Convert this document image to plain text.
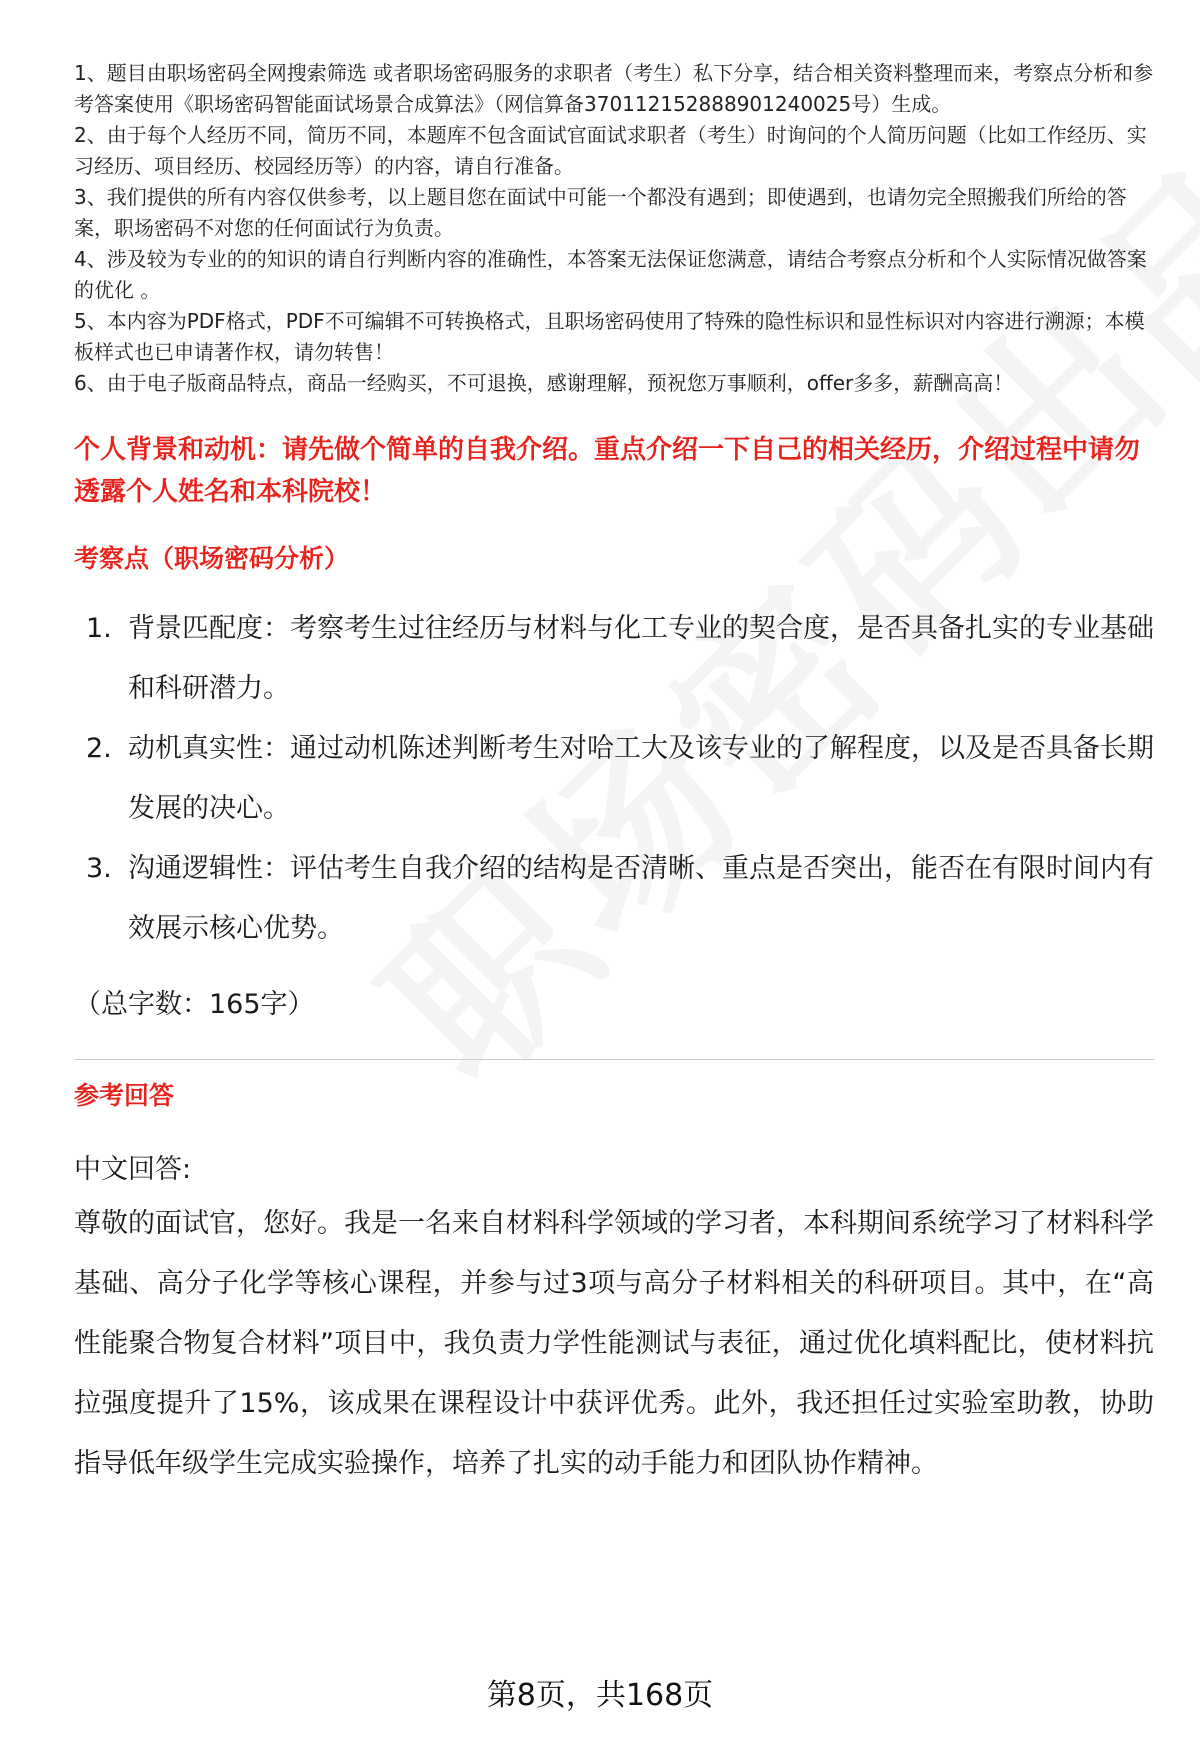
1、题目由职场密码全网搜索筛选 或者职场密码服务的求职者（考生）私下分享，结合相关资料整理而来，考察点分析和参考答案使用《职场密码智能面试场景合成算法》（网信算备370112152888901240025号）生成。
2、由于每个人经历不同，简历不同，本题库不包含面试官面试求职者（考生）时询问的个人简历问题（比如工作经历、实习经历、项目经历、校园经历等）的内容，请自行准备。
3、我们提供的所有内容仅供参考，以上题目您在面试中可能一个都没有遇到；即使遇到，也请勿完全照搬我们所给的答案，职场密码不对您的任何面试行为负责。
4、涉及较为专业的的知识的请自行判断内容的准确性，本答案无法保证您满意，请结合考察点分析和个人实际情况做答案的优化 。
5、本内容为PDF格式，PDF不可编辑不可转换格式，且职场密码使用了特殊的隐性标识和显性标识对内容进行溯源；本模板样式也已申请著作权，请勿转售！
6、由于电子版商品特点，商品一经购买，不可退换，感谢理解，预祝您万事顺利，offer多多，薪酬高高！
个人背景和动机：请先做个简单的自我介绍。重点介绍一下自己的相关经历，介绍过程中请勿透露个人姓名和本科院校！
考察点（职场密码分析）
1. 背景匹配度：考察考生过往经历与材料与化工专业的契合度，是否具备扎实的专业基础和科研潜力。
2. 动机真实性：通过动机陈述判断考生对哈工大及该专业的了解程度，以及是否具备长期发展的决心。
3. 沟通逻辑性：评估考生自我介绍的结构是否清晰、重点是否突出，能否在有限时间内有效展示核心优势。
（总字数：165字）
参考回答
中文回答:
尊敬的面试官，您好。我是一名来自材料科学领域的学习者，本科期间系统学习了材料科学基础、高分子化学等核心课程，并参与过3项与高分子材料相关的科研项目。其中，在“高性能聚合物复合材料”项目中，我负责力学性能测试与表征，通过优化填料配比，使材料抗拉强度提升了15%，该成果在课程设计中获评优秀。此外，我还担任过实验室助教，协助指导低年级学生完成实验操作，培养了扎实的动手能力和团队协作精神。
第8页，共168页
